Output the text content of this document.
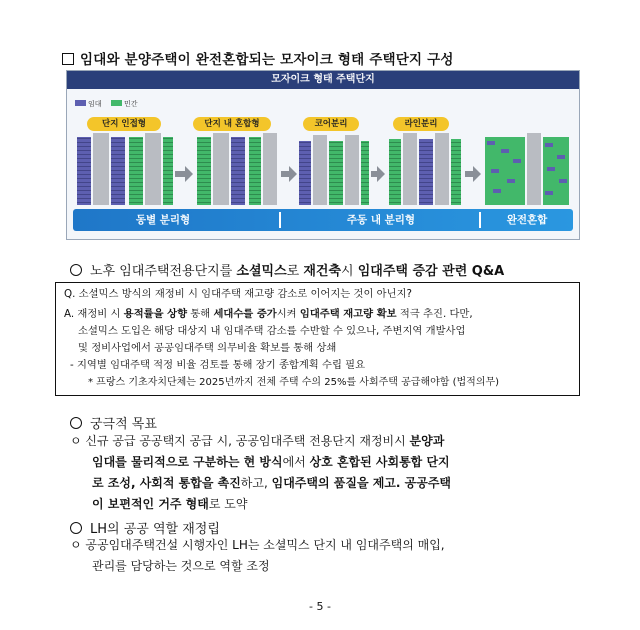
임대와 분양주택이 완전혼합되는 모자이크 형태 주택단지 구성
모자이크 형태 주택단지
임대	민간
단지 인접형	단지 내 혼합형	코어분리	라인분리
동별 분리형	주동 내 분리형	완전혼합
노후 임대주택전용단지를 소셜믹스로 재건축시 임대주택 증감 관련 Q&A
Q. 소셜믹스 방식의 재정비 시 임대주택 재고량 감소로 이어지는 것이 아닌지?
A. 재정비 시 용적률을 상향 통해 세대수를 증가시켜 임대주택 재고량 확보 적극 추진. 다만,
소셜믹스 도입은 해당 대상지 내 임대주택 감소를 수반할 수 있으나, 주변지역 개발사업
및 정비사업에서 공공임대주택 의무비율 확보를 통해 상쇄
- 지역별 임대주택 적정 비율 검토를 통해 장기 종합계획 수립 필요
* 프랑스 기초자치단체는 2025년까지 전체 주택 수의 25%를 사회주택 공급해야함 (법적의무)
궁극적 목표
ㅇ 신규 공급 공공택지 공급 시, 공공임대주택 전용단지 재정비시 분양과
임대를 물리적으로 구분하는 현 방식에서 상호 혼합된 사회통합 단지
로 조성, 사회적 통합을 촉진하고, 임대주택의 품질을 제고. 공공주택
이 보편적인 거주 형태로 도약
LH의 공공 역할 재정립
ㅇ 공공임대주택건설 시행자인 LH는 소셜믹스 단지 내 임대주택의 매입,
관리를 담당하는 것으로 역할 조정
- 5 -
